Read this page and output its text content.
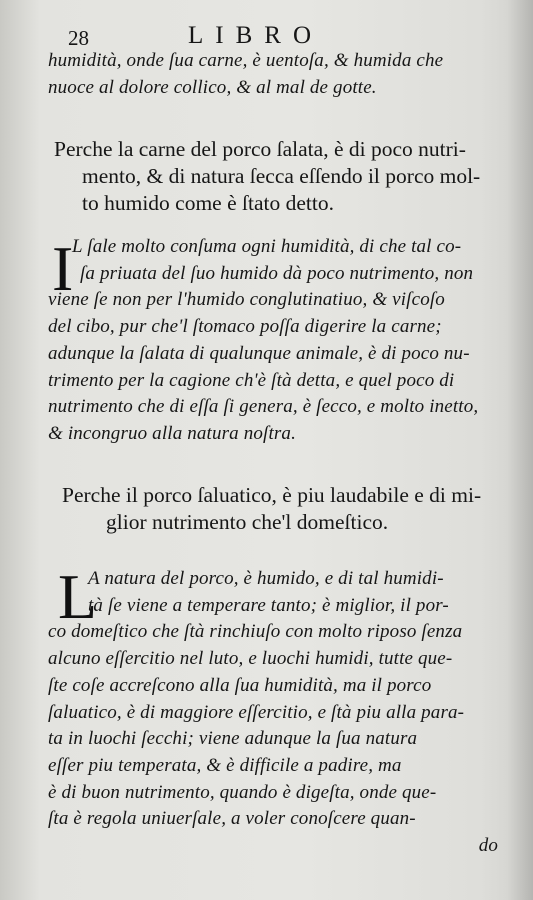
28	LIBRO
humidità, onde ſua carne, è uentoſa, & humida che
nuoce al dolore collico, & al mal de gotte.
Perche la carne del porco ſalata, è di poco nutri-
mento, & di natura ſecca eſſendo il porco mol-
to humido come è ſtato detto.
I
L ſale molto conſuma ogni humidità, di che tal co-
ſa priuata del ſuo humido dà poco nutrimento, non
viene ſe non per l'humido conglutinatiuo, & viſcoſo
del cibo, pur che'l ſtomaco poſſa digerire la carne;
adunque la ſalata di qualunque animale, è di poco nu-
trimento per la cagione ch'è ſtà detta, e quel poco di
nutrimento che di eſſa ſi genera, è ſecco, e molto inetto,
& incongruo alla natura noſtra.
Perche il porco ſaluatico, è piu laudabile e di mi-
glior nutrimento che'l domeſtico.
L
A natura del porco, è humido, e di tal humidi-
tà ſe viene a temperare tanto; è miglior, il por-
co domeſtico che ſtà rinchiuſo con molto riposo ſenza
alcuno eſſercitio nel luto, e luochi humidi, tutte que-
ſte coſe accreſcono alla ſua humidità, ma il porco
ſaluatico, è di maggiore eſſercitio, e ſtà piu alla para-
ta in luochi ſecchi; viene adunque la ſua natura
eſſer piu temperata, & è difficile a padire, ma
è di buon nutrimento, quando è digeſta, onde que-
ſta è regola uniuerſale, a voler conoſcere quan-
do
